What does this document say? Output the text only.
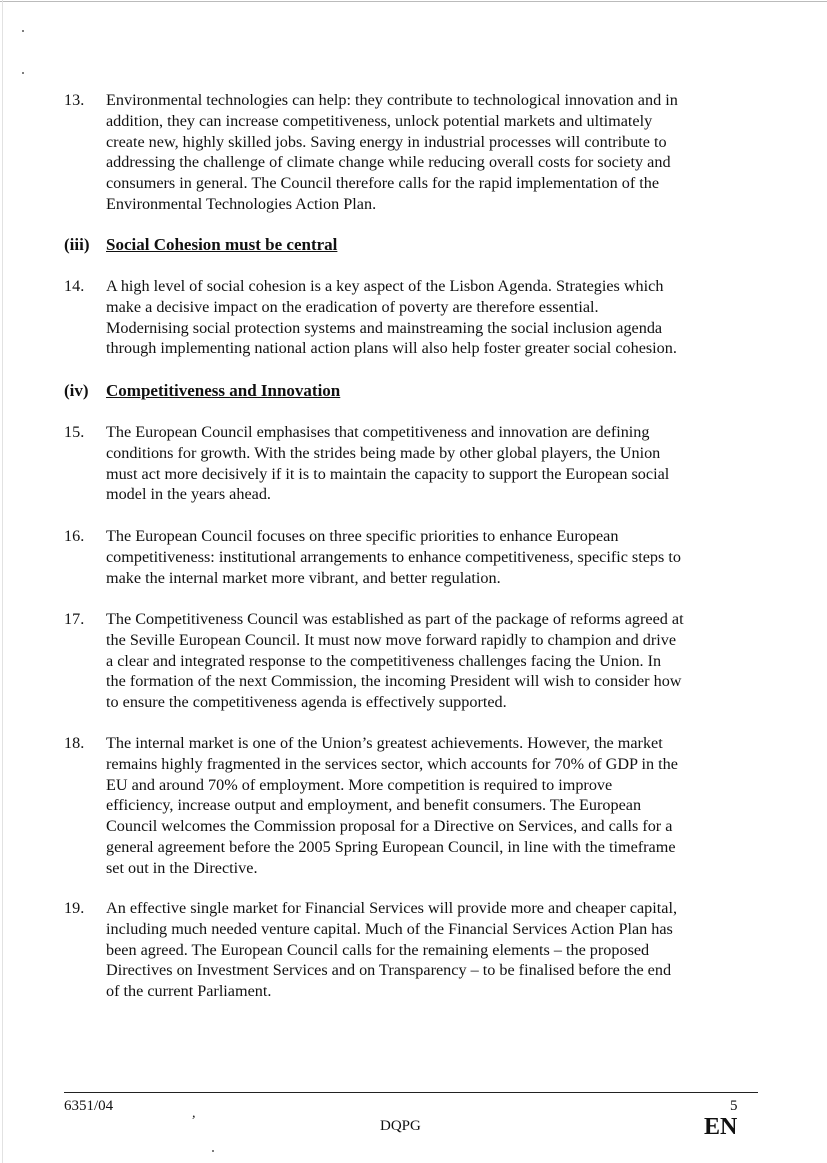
13.	Environmental technologies can help: they contribute to technological innovation and in
addition, they can increase competitiveness, unlock potential markets and ultimately
create new, highly skilled jobs. Saving energy in industrial processes will contribute to
addressing the challenge of climate change while reducing overall costs for society and
consumers in general. The Council therefore calls for the rapid implementation of the
Environmental Technologies Action Plan.
(iii) Social Cohesion must be central
14.	A high level of social cohesion is a key aspect of the Lisbon Agenda. Strategies which
make a decisive impact on the eradication of poverty are therefore essential.
Modernising social protection systems and mainstreaming the social inclusion agenda
through implementing national action plans will also help foster greater social cohesion.
(iv) Competitiveness and Innovation
15.	The European Council emphasises that competitiveness and innovation are defining
conditions for growth. With the strides being made by other global players, the Union
must act more decisively if it is to maintain the capacity to support the European social
model in the years ahead.
16.	The European Council focuses on three specific priorities to enhance European
competitiveness: institutional arrangements to enhance competitiveness, specific steps to
make the internal market more vibrant, and better regulation.
17.	The Competitiveness Council was established as part of the package of reforms agreed at
the Seville European Council. It must now move forward rapidly to champion and drive
a clear and integrated response to the competitiveness challenges facing the Union. In
the formation of the next Commission, the incoming President will wish to consider how
to ensure the competitiveness agenda is effectively supported.
18.	The internal market is one of the Union’s greatest achievements. However, the market
remains highly fragmented in the services sector, which accounts for 70% of GDP in the
EU and around 70% of employment. More competition is required to improve
efficiency, increase output and employment, and benefit consumers. The European
Council welcomes the Commission proposal for a Directive on Services, and calls for a
general agreement before the 2005 Spring European Council, in line with the timeframe
set out in the Directive.
19.	An effective single market for Financial Services will provide more and cheaper capital,
including much needed venture capital. Much of the Financial Services Action Plan has
been agreed. The European Council calls for the remaining elements – the proposed
Directives on Investment Services and on Transparency – to be finalised before the end
of the current Parliament.
6351/04	,
DQPG
5
EN
